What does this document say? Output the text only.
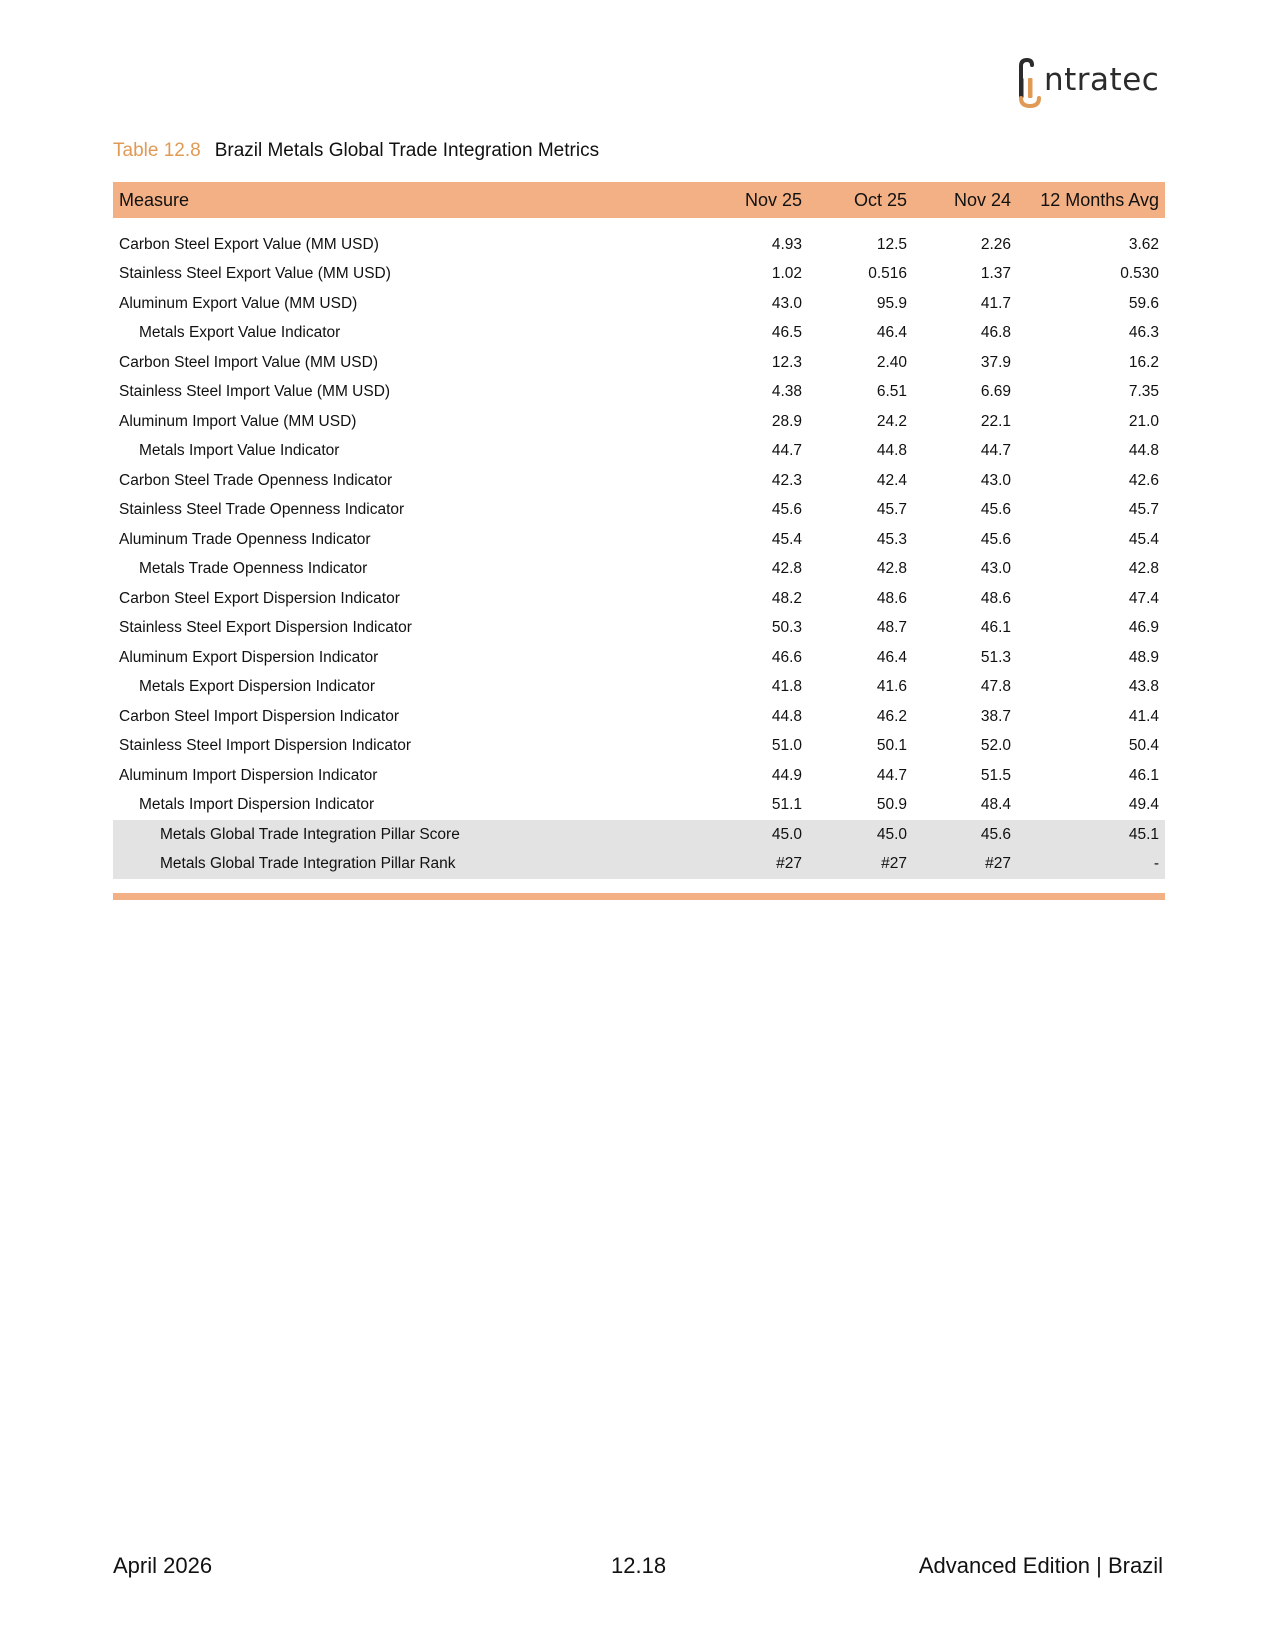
ntratec
Table 12.8 Brazil Metals Global Trade Integration Metrics
Measure	Nov 25	Oct 25	Nov 24	12 Months Avg

Carbon Steel Export Value (MM USD)	4.93	12.5	2.26	3.62
Stainless Steel Export Value (MM USD)	1.02	0.516	1.37	0.530
Aluminum Export Value (MM USD)	43.0	95.9	41.7	59.6
Metals Export Value Indicator	46.5	46.4	46.8	46.3
Carbon Steel Import Value (MM USD)	12.3	2.40	37.9	16.2
Stainless Steel Import Value (MM USD)	4.38	6.51	6.69	7.35
Aluminum Import Value (MM USD)	28.9	24.2	22.1	21.0
Metals Import Value Indicator	44.7	44.8	44.7	44.8
Carbon Steel Trade Openness Indicator	42.3	42.4	43.0	42.6
Stainless Steel Trade Openness Indicator	45.6	45.7	45.6	45.7
Aluminum Trade Openness Indicator	45.4	45.3	45.6	45.4
Metals Trade Openness Indicator	42.8	42.8	43.0	42.8
Carbon Steel Export Dispersion Indicator	48.2	48.6	48.6	47.4
Stainless Steel Export Dispersion Indicator	50.3	48.7	46.1	46.9
Aluminum Export Dispersion Indicator	46.6	46.4	51.3	48.9
Metals Export Dispersion Indicator	41.8	41.6	47.8	43.8
Carbon Steel Import Dispersion Indicator	44.8	46.2	38.7	41.4
Stainless Steel Import Dispersion Indicator	51.0	50.1	52.0	50.4
Aluminum Import Dispersion Indicator	44.9	44.7	51.5	46.1
Metals Import Dispersion Indicator	51.1	50.9	48.4	49.4
Metals Global Trade Integration Pillar Score	45.0	45.0	45.6	45.1
Metals Global Trade Integration Pillar Rank	#27	#27	#27	-
April 2026	12.18	Advanced Edition | Brazil
